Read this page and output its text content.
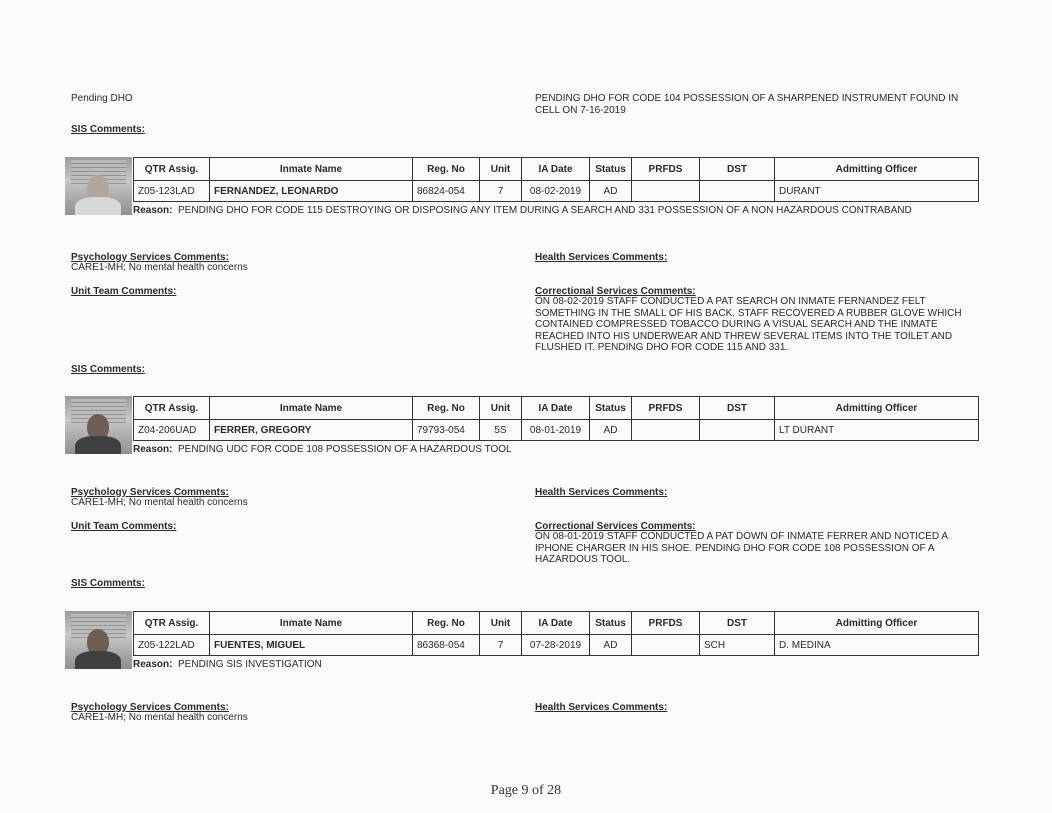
Pending DHO	PENDING DHO FOR CODE 104 POSSESSION OF A SHARPENED INSTRUMENT FOUND IN
CELL ON 7-16-2019
SIS Comments:
QTR Assig.	Inmate Name	Reg. No	Unit	IA Date	Status	PRFDS	DST	Admitting Officer
Z05-123LAD	FERNANDEZ, LEONARDO	86824-054	7	08-02-2019	AD			DURANT
Reason: PENDING DHO FOR CODE 115 DESTROYING OR DISPOSING ANY ITEM DURING A SEARCH AND 331 POSSESSION OF A NON HAZARDOUS CONTRABAND
Psychology Services Comments:
CARE1-MH; No mental health concerns
Health Services Comments:
Unit Team Comments:	Correctional Services Comments:
ON 08-02-2019 STAFF CONDUCTED A PAT SEARCH ON INMATE FERNANDEZ FELT
SOMETHING IN THE SMALL OF HIS BACK. STAFF RECOVERED A RUBBER GLOVE WHICH
CONTAINED COMPRESSED TOBACCO DURING A VISUAL SEARCH AND THE INMATE
REACHED INTO HIS UNDERWEAR AND THREW SEVERAL ITEMS INTO THE TOILET AND
FLUSHED IT. PENDING DHO FOR CODE 115 AND 331.
SIS Comments:
QTR Assig.	Inmate Name	Reg. No	Unit	IA Date	Status	PRFDS	DST	Admitting Officer
Z04-206UAD	FERRER, GREGORY	79793-054	5S	08-01-2019	AD			LT DURANT
Reason: PENDING UDC FOR CODE 108 POSSESSION OF A HAZARDOUS TOOL
Psychology Services Comments:
CARE1-MH; No mental health concerns
Health Services Comments:
Unit Team Comments:	Correctional Services Comments:
ON 08-01-2019 STAFF CONDUCTED A PAT DOWN OF INMATE FERRER AND NOTICED A
IPHONE CHARGER IN HIS SHOE. PENDING DHO FOR CODE 108 POSSESSION OF A
HAZARDOUS TOOL.
SIS Comments:
QTR Assig.	Inmate Name	Reg. No	Unit	IA Date	Status	PRFDS	DST	Admitting Officer
Z05-122LAD	FUENTES, MIGUEL	86368-054	7	07-28-2019	AD		SCH	D. MEDINA
Reason: PENDING SIS INVESTIGATION
Psychology Services Comments:
CARE1-MH; No mental health concerns
Health Services Comments:
Page 9 of 28
